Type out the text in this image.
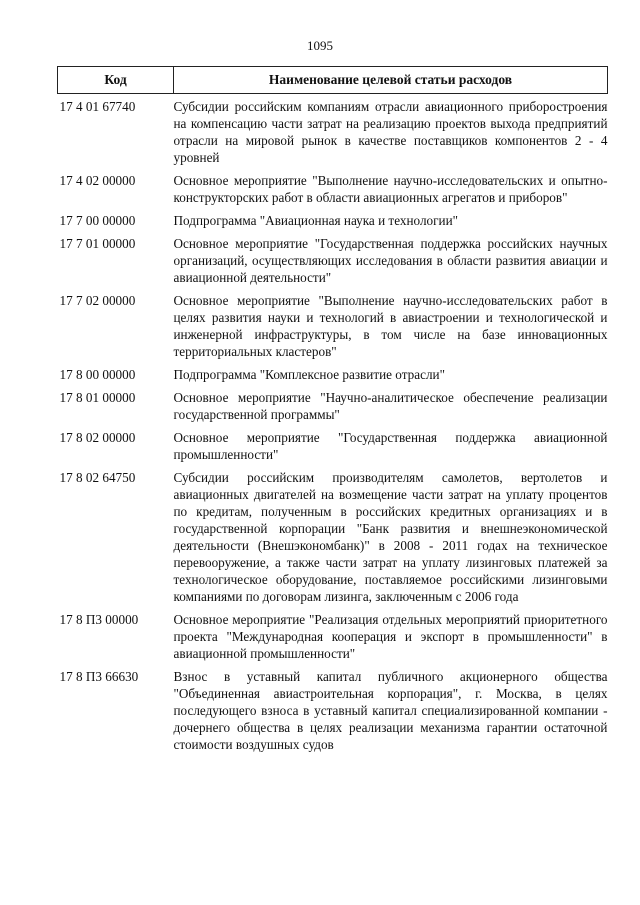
1095
Код	Наименование целевой статьи расходов
17 4 01 67740	Субсидии российским компаниям отрасли авиационного приборостроения на компенсацию части затрат на реализацию проектов выхода предприятий отрасли на мировой рынок в качестве поставщиков компонентов 2 - 4 уровней
17 4 02 00000	Основное мероприятие "Выполнение научно-исследовательских и опытно-конструкторских работ в области авиационных агрегатов и приборов"
17 7 00 00000	Подпрограмма "Авиационная наука и технологии"
17 7 01 00000	Основное мероприятие "Государственная поддержка российских научных организаций, осуществляющих исследования в области развития авиации и авиационной деятельности"
17 7 02 00000	Основное мероприятие "Выполнение научно-исследовательских работ в целях развития науки и технологий в авиастроении и технологической и инженерной инфраструктуры, в том числе на базе инновационных территориальных кластеров"
17 8 00 00000	Подпрограмма "Комплексное развитие отрасли"
17 8 01 00000	Основное мероприятие "Научно-аналитическое обеспечение реализации государственной программы"
17 8 02 00000	Основное мероприятие "Государственная поддержка авиационной промышленности"
17 8 02 64750	Субсидии российским производителям самолетов, вертолетов и авиационных двигателей на возмещение части затрат на уплату процентов по кредитам, полученным в российских кредитных организациях и в государственной корпорации "Банк развития и внешнеэкономической деятельности (Внешэкономбанк)" в 2008 - 2011 годах на техническое перевооружение, а также части затрат на уплату лизинговых платежей за технологическое оборудование, поставляемое российскими лизинговыми компаниями по договорам лизинга, заключенным с 2006 года
17 8 П3 00000	Основное мероприятие "Реализация отдельных мероприятий приоритетного проекта "Международная кооперация и экспорт в промышленности" в авиационной промышленности"
17 8 П3 66630	Взнос в уставный капитал публичного акционерного общества "Объединенная авиастроительная корпорация", г. Москва, в целях последующего взноса в уставный капитал специализированной компании - дочернего общества в целях реализации механизма гарантии остаточной стоимости воздушных судов
